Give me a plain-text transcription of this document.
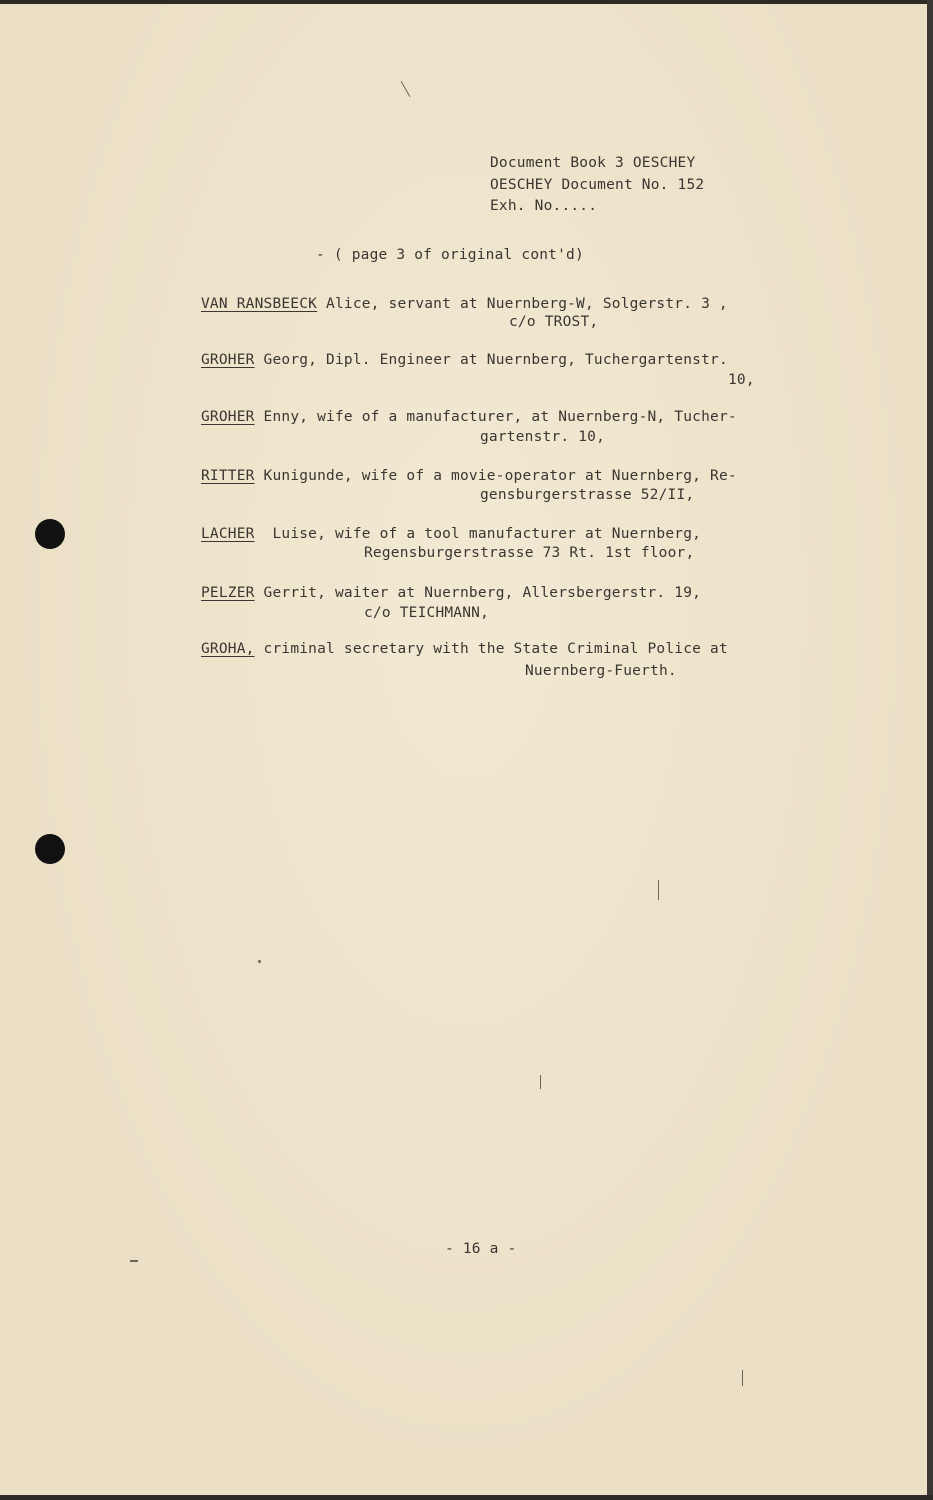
Document Book 3 OESCHEY
OESCHEY Document No. 152
Exh. No.....
- ( page 3 of original cont'd)
VAN RANSBEECK Alice, servant at Nuernberg-W, Solgerstr. 3 ,
c/o TROST,
GROHER Georg, Dipl. Engineer at Nuernberg, Tuchergartenstr.
10,
GROHER Enny, wife of a manufacturer, at Nuernberg-N, Tucher-
gartenstr. 10,
RITTER Kunigunde, wife of a movie-operator at Nuernberg, Re-
gensburgerstrasse 52/II,
LACHER  Luise, wife of a tool manufacturer at Nuernberg,
Regensburgerstrasse 73 Rt. 1st floor,
PELZER Gerrit, waiter at Nuernberg, Allersbergerstr. 19,
c/o TEICHMANN,
GROHA, criminal secretary with the State Criminal Police at
Nuernberg-Fuerth.
- 16 a -
